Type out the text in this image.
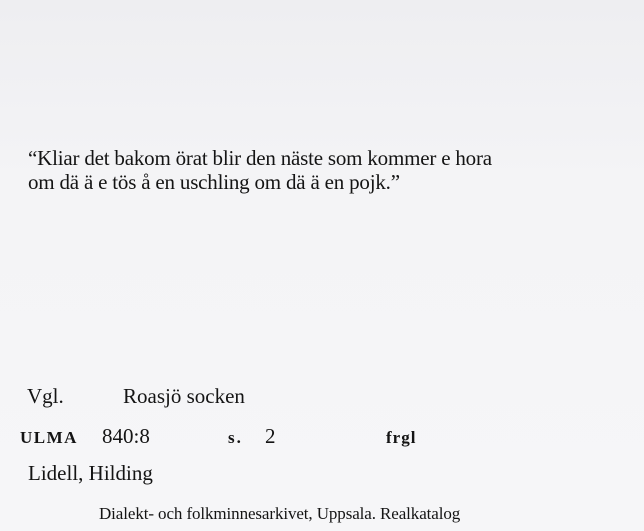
“Kliar det bakom örat blir den näste som kommer e hora
om dä ä e tös å en uschling om dä ä en pojk.”
Vgl.	Roasjö socken
ULMA 840:8	s. 2	frgl
Lidell, Hilding
Dialekt- och folkminnesarkivet, Uppsala. Realkatalog
